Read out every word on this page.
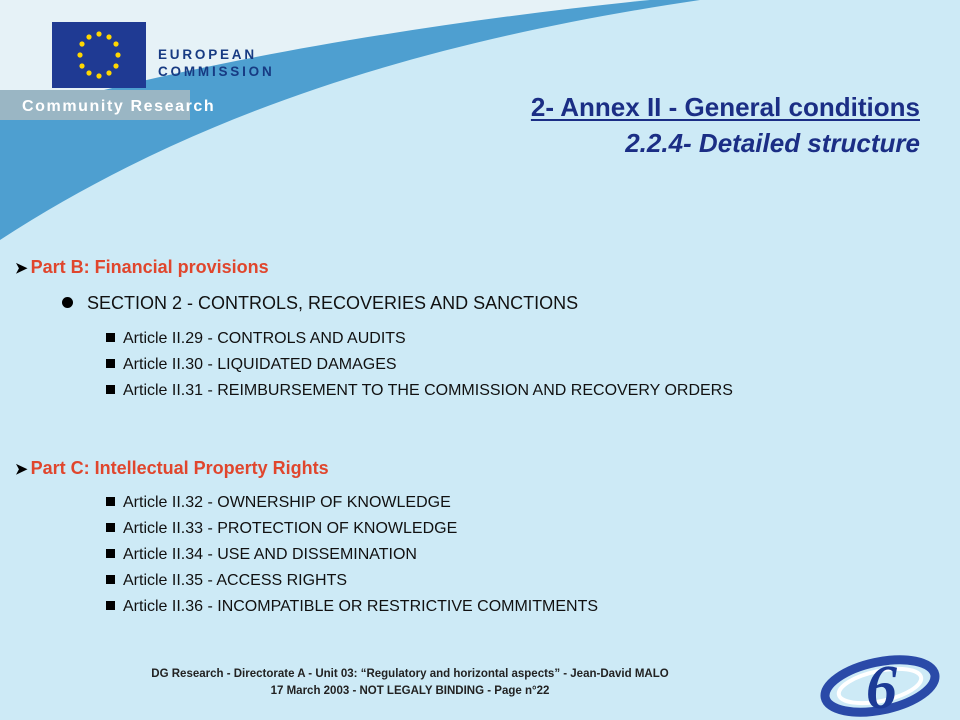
EUROPEAN
COMMISSION
Community Research	2- Annex II - General conditions
2.2.4- Detailed structure
➤ Part B: Financial provisions
SECTION 2 - CONTROLS, RECOVERIES AND SANCTIONS
Article II.29 - CONTROLS AND AUDITS
Article II.30 - LIQUIDATED DAMAGES
Article II.31 - REIMBURSEMENT TO THE COMMISSION AND RECOVERY ORDERS
➤ Part C: Intellectual Property Rights
Article II.32 - OWNERSHIP OF KNOWLEDGE
Article II.33 - PROTECTION OF KNOWLEDGE
Article II.34 - USE AND DISSEMINATION
Article II.35 - ACCESS RIGHTS
Article II.36 - INCOMPATIBLE OR RESTRICTIVE COMMITMENTS
DG Research - Directorate A - Unit 03: “Regulatory and horizontal aspects” - Jean-David MALO
17 March 2003 - NOT LEGALY BINDING - Page n°22	6
